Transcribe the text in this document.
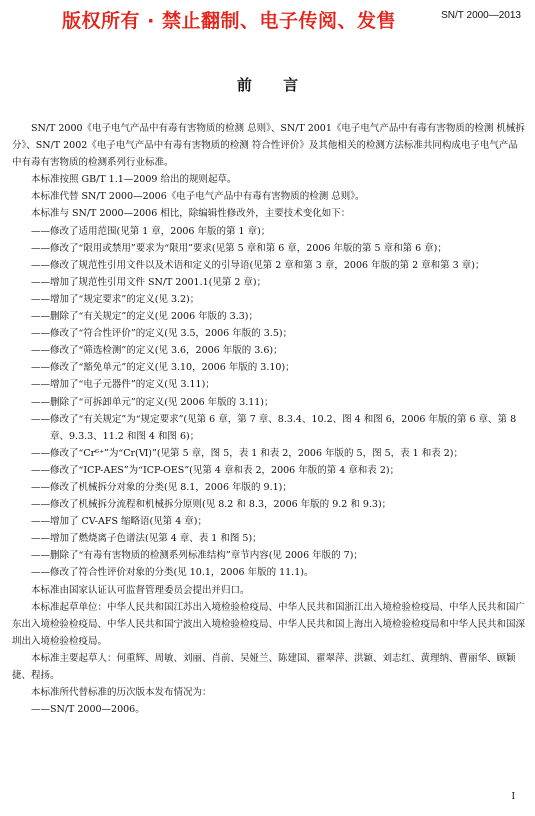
版权所有 · 禁止翻制、电子传阅、发售	SN/T 2000—2013
前 言

SN/T 2000《电子电气产品中有毒有害物质的检测 总则》、SN/T 2001《电子电气产品中有毒有害物质的检测 机械拆分》、SN/T 2002《电子电气产品中有毒有害物质的检测 符合性评价》及其他相关的检测方法标准共同构成电子电气产品中有毒有害物质的检测系列行业标准。

本标准按照 GB/T 1.1—2009 给出的规则起草。

本标准代替 SN/T 2000—2006《电子电气产品中有毒有害物质的检测 总则》。

本标准与 SN/T 2000—2006 相比，除编辑性修改外，主要技术变化如下：

——修改了适用范围(见第 1 章，2006 年版的第 1 章)；

——修改了“限用或禁用”要求为“限用”要求(见第 5 章和第 6 章，2006 年版的第 5 章和第 6 章)；

——修改了规范性引用文件以及术语和定义的引导语(见第 2 章和第 3 章，2006 年版的第 2 章和第 3 章)；

——增加了规范性引用文件 SN/T 2001.1(见第 2 章)；

——增加了“规定要求”的定义(见 3.2)；

——删除了“有关规定”的定义(见 2006 年版的 3.3)；

——修改了“符合性评价”的定义(见 3.5，2006 年版的 3.5)；

——修改了“筛选检测”的定义(见 3.6，2006 年版的 3.6)；

——修改了“豁免单元”的定义(见 3.10，2006 年版的 3.10)；

——增加了“电子元器件”的定义(见 3.11)；

——删除了“可拆卸单元”的定义(见 2006 年版的 3.11)；

——修改了“有关规定”为“规定要求”(见第 6 章，第 7 章、8.3.4、10.2、图 4 和图 6，2006 年版的第 6 章、第 8 章、9.3.3、11.2 和图 4 和图 6)；

——修改了“Cr⁶⁺”为“Cr(Ⅵ)”(见第 5 章，图 5，表 1 和表 2，2006 年版的 5，图 5，表 1 和表 2)；

——修改了“ICP-AES”为“ICP-OES”(见第 4 章和表 2，2006 年版的第 4 章和表 2)；

——修改了机械拆分对象的分类(见 8.1，2006 年版的 9.1)；

——修改了机械拆分流程和机械拆分原则(见 8.2 和 8.3，2006 年版的 9.2 和 9.3)；

——增加了 CV-AFS 缩略语(见第 4 章)；

——增加了燃烧离子色谱法(见第 4 章、表 1 和图 5)；

——删除了“有毒有害物质的检测系列标准结构”章节内容(见 2006 年版的 7)；

——修改了符合性评价对象的分类(见 10.1，2006 年版的 11.1)。

本标准由国家认证认可监督管理委员会提出并归口。

本标准起草单位：中华人民共和国江苏出入境检验检疫局、中华人民共和国浙江出入境检验检疫局、中华人民共和国广东出入境检验检疫局、中华人民共和国宁波出入境检验检疫局、中华人民共和国上海出入境检验检疫局和中华人民共和国深圳出入境检验检疫局。

本标准主要起草人：何重辉、周敏、刘丽、肖前、吴娅兰、陈建国、翟翠萍、洪颖、刘志红、黄理纳、曹丽华、顾颖捷、程扬。

本标准所代替标准的历次版本发布情况为：

——SN/T 2000—2006。

I
